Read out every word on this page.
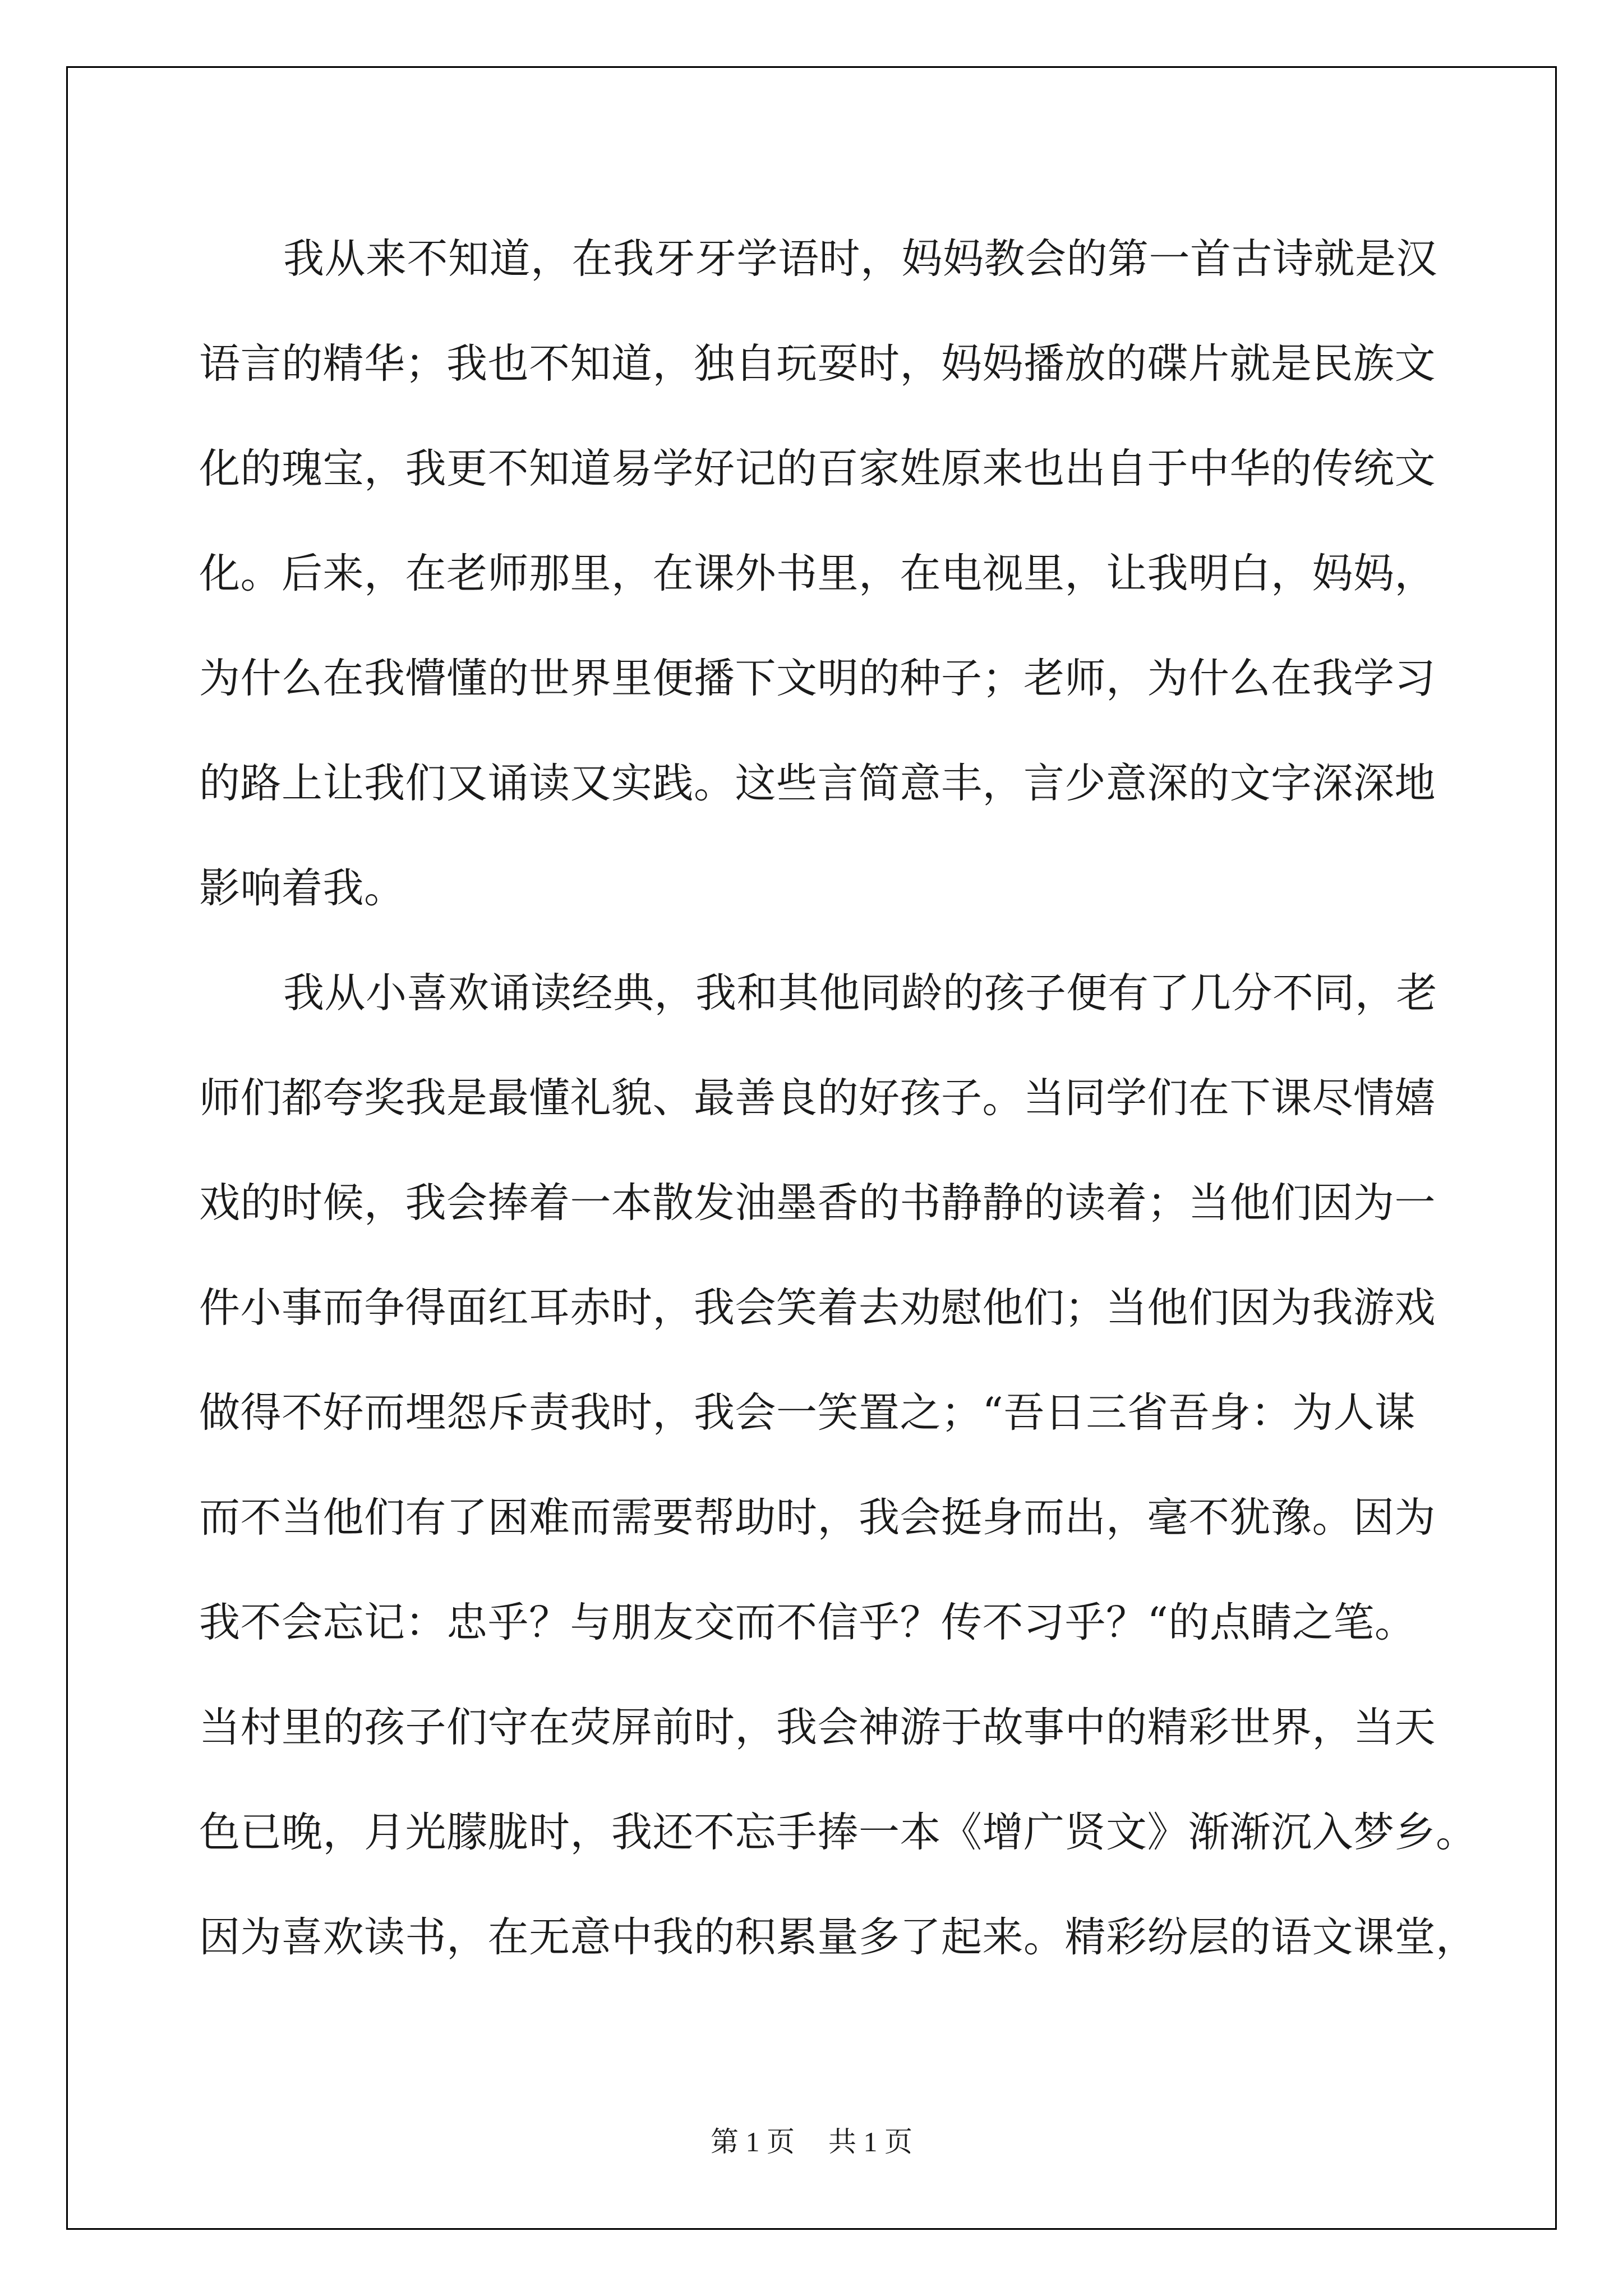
我从来不知道，在我牙牙学语时，妈妈教会的第一首古诗就是汉
语言的精华；我也不知道，独自玩耍时，妈妈播放的碟片就是民族文
化的瑰宝，我更不知道易学好记的百家姓原来也出自于中华的传统文
化。后来，在老师那里，在课外书里，在电视里，让我明白，妈妈，
为什么在我懵懂的世界里便播下文明的种子；老师，为什么在我学习
的路上让我们又诵读又实践。这些言简意丰，言少意深的文字深深地
影响着我。
我从小喜欢诵读经典，我和其他同龄的孩子便有了几分不同，老
师们都夸奖我是最懂礼貌、最善良的好孩子。当同学们在下课尽情嬉
戏的时候，我会捧着一本散发油墨香的书静静的读着；当他们因为一
件小事而争得面红耳赤时，我会笑着去劝慰他们；当他们因为我游戏
做得不好而埋怨斥责我时，我会一笑置之；“吾日三省吾身：为人谋
而不当他们有了困难而需要帮助时，我会挺身而出，毫不犹豫。因为
我不会忘记：忠乎？与朋友交而不信乎？传不习乎？“的点睛之笔。
当村里的孩子们守在荧屏前时，我会神游于故事中的精彩世界，当天
色已晚，月光朦胧时，我还不忘手捧一本《增广贤文》渐渐沉入梦乡。
因为喜欢读书，在无意中我的积累量多了起来。精彩纷层的语文课堂，
第 1 页 共 1 页
